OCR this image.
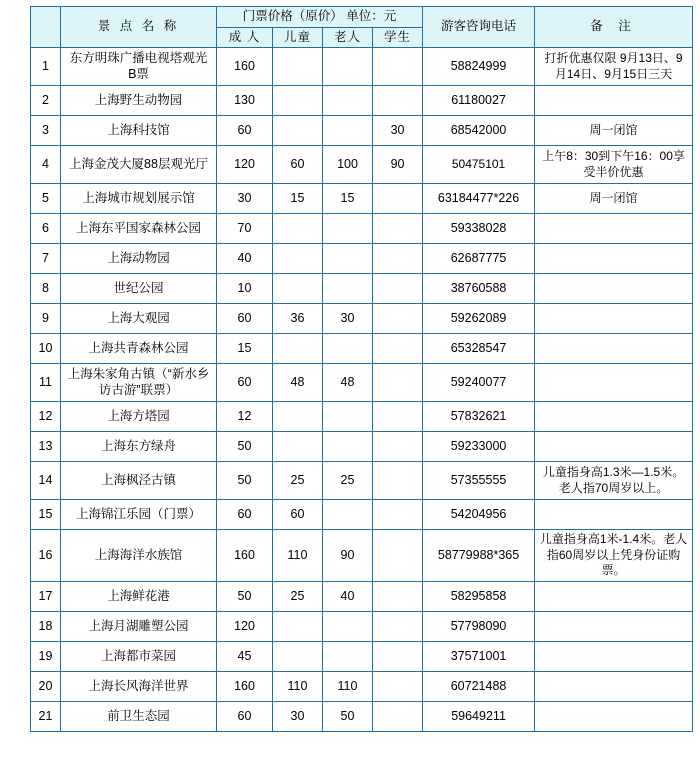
	景 点 名 称	门票价格（原价） 单位：元				游客咨询电话	备 注
		成 人	儿童	老人	学生		
1	东方明珠广播电视塔观光B票	160				58824999	打折优惠仅限 9月13日、9月14日、9月15日三天
2	上海野生动物园	130				61180027	
3	上海科技馆	60			30	68542000	周一闭馆
4	上海金茂大厦88层观光厅	120	60	100	90	50475101	上午8：30到下午16：00享受半价优惠
5	上海城市规划展示馆	30	15	15		63184477*226	周一闭馆
6	上海东平国家森林公园	70				59338028	
7	上海动物园	40				62687775	
8	世纪公园	10				38760588	
9	上海大观园	60	36	30		59262089	
10	上海共青森林公园	15				65328547	
11	上海朱家角古镇（“新水乡访古游”联票）	60	48	48		59240077	
12	上海方塔园	12				57832621	
13	上海东方绿舟	50				59233000	
14	上海枫泾古镇	50	25	25		57355555	儿童指身高1.3米—1.5米。老人指70周岁以上。
15	上海锦江乐园（门票）	60	60			54204956	
16	上海海洋水族馆	160	110	90		58779988*365	儿童指身高1米-1.4米。老人指60周岁以上凭身份证购票。
17	上海鲜花港	50	25	40		58295858	
18	上海月湖雕塑公园	120				57798090	
19	上海都市菜园	45				37571001	
20	上海长风海洋世界	160	110	110		60721488	
21	前卫生态园	60	30	50		59649211	
